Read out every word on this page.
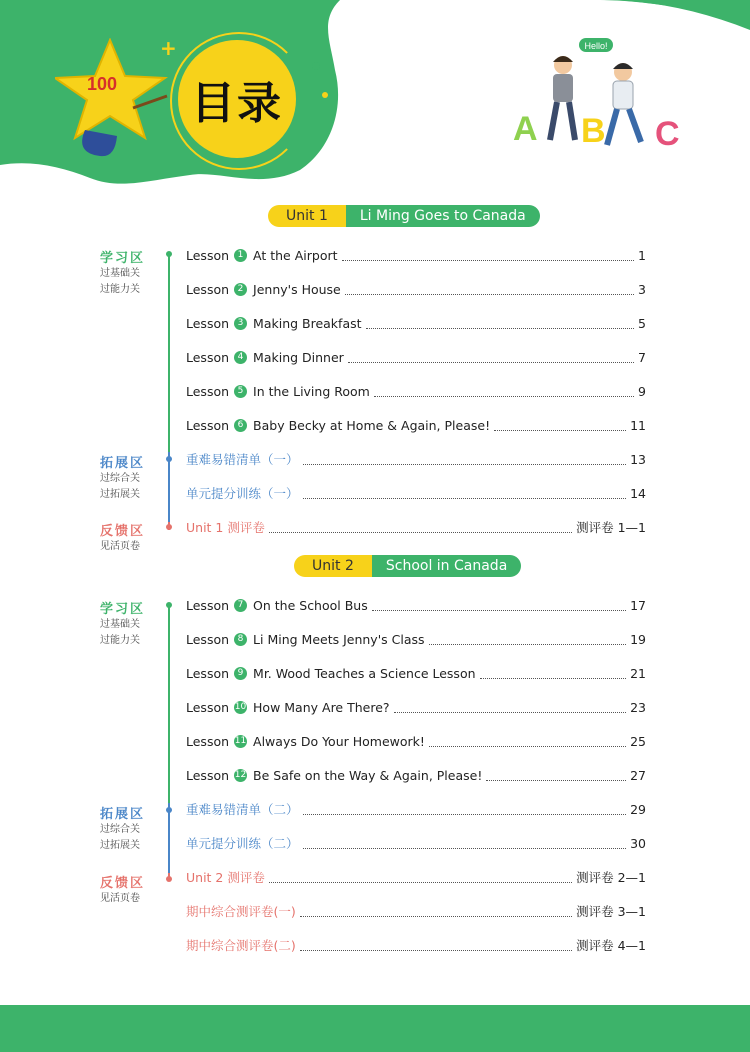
100 目录
+	Hello!
A B C
Unit 1	Li Ming Goes to Canada
学习区
过基础关
过能力关
拓展区
过综合关
过拓展关
反馈区
见活页卷
Lesson 1 At the Airport	1
Lesson 2 Jenny's House	3
Lesson 3 Making Breakfast	5
Lesson 4 Making Dinner	7
Lesson 5 In the Living Room	9
Lesson 6 Baby Becky at Home & Again, Please!	11
重难易错清单（一）	13
单元提分训练（一）	14
Unit 1 测评卷	测评卷 1—1
Unit 2	School in Canada
学习区
过基础关
过能力关
拓展区
过综合关
过拓展关
反馈区
见活页卷
Lesson 7 On the School Bus	17
Lesson 8 Li Ming Meets Jenny's Class	19
Lesson 9 Mr. Wood Teaches a Science Lesson	21
Lesson 10 How Many Are There?	23
Lesson 11 Always Do Your Homework!	25
Lesson 12 Be Safe on the Way & Again, Please!	27
重难易错清单（二）	29
单元提分训练（二）	30
Unit 2 测评卷	测评卷 2—1
期中综合测评卷(一)	测评卷 3—1
期中综合测评卷(二)	测评卷 4—1
